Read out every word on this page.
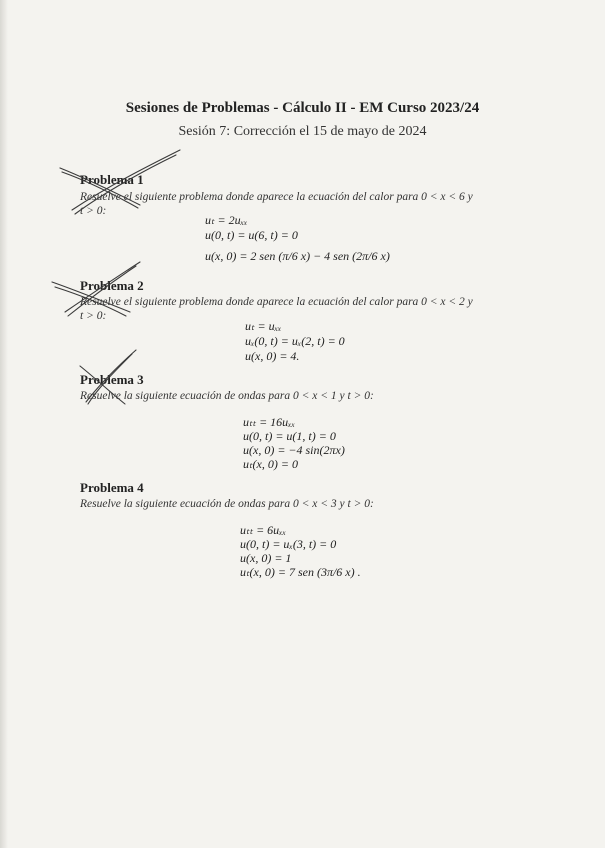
Sesiones de Problemas - Cálculo II - EM Curso 2023/24
Sesión 7: Corrección el 15 de mayo de 2024
Problema 1
Resuelve el siguiente problema donde aparece la ecuación del calor para 0 < x < 6 y
t > 0:
uₜ = 2uₓₓ
u(0, t) = u(6, t) = 0
u(x, 0) = 2 sen (π/6 x) − 4 sen (2π/6 x)
Problema 2
Resuelve el siguiente problema donde aparece la ecuación del calor para 0 < x < 2 y
t > 0:
uₜ = uₓₓ
uₓ(0, t) = uₓ(2, t) = 0
u(x, 0) = 4.
Problema 3
Resuelve la siguiente ecuación de ondas para 0 < x < 1 y t > 0:
uₜₜ = 16uₓₓ
u(0, t) = u(1, t) = 0
u(x, 0) = −4 sin(2πx)
uₜ(x, 0) = 0
Problema 4
Resuelve la siguiente ecuación de ondas para 0 < x < 3 y t > 0:
uₜₜ = 6uₓₓ
u(0, t) = uₓ(3, t) = 0
u(x, 0) = 1
uₜ(x, 0) = 7 sen (3π/6 x) .
